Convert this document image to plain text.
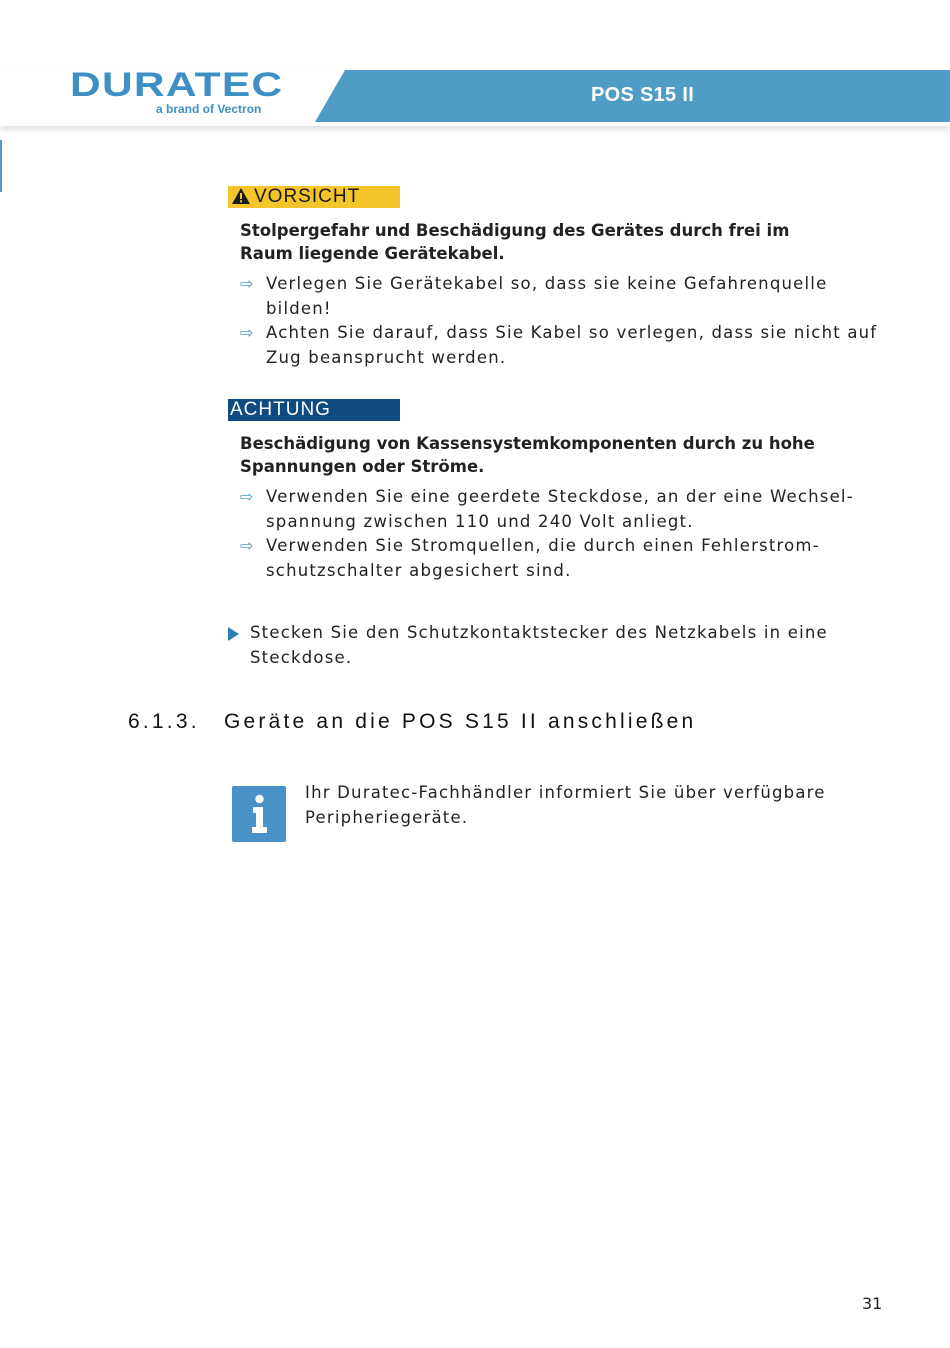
DURATEC
a brand of Vectron
POS S15 II
VORSICHT
Stolpergefahr und Beschädigung des Gerätes durch frei im Raum liegende Gerätekabel.
⇨ Verlegen Sie Gerätekabel so, dass sie keine Gefahrenquelle
bilden!
⇨ Achten Sie darauf, dass Sie Kabel so verlegen, dass sie nicht auf
Zug beansprucht werden.
ACHTUNG
Beschädigung von Kassensystemkomponenten durch zu hohe Spannungen oder Ströme.
⇨ Verwenden Sie eine geerdete Steckdose, an der eine Wechsel-
spannung zwischen 110 und 240 Volt anliegt.
⇨ Verwenden Sie Stromquellen, die durch einen Fehlerstrom-
schutzschalter abgesichert sind.
Stecken Sie den Schutzkontaktstecker des Netzkabels in eine
Steckdose.
6.1.3. Geräte an die POS S15 II anschließen
Ihr Duratec-Fachhändler informiert Sie über verfügbare
Peripheriegeräte.
31
